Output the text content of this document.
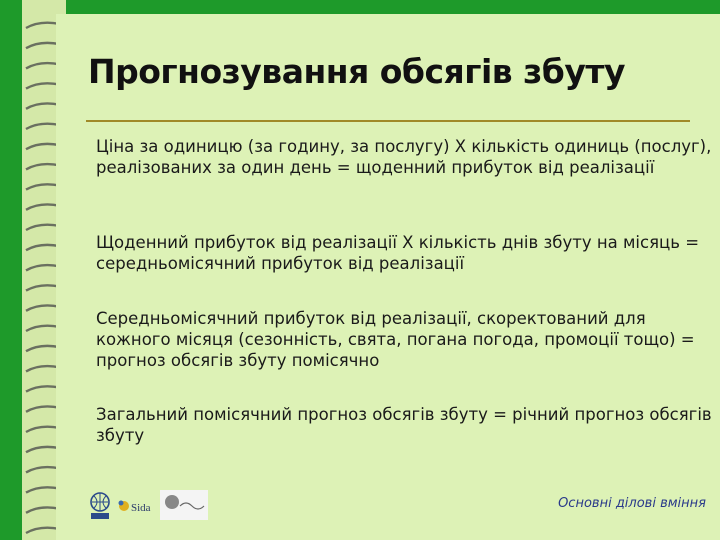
Прогнозування обсягів збуту

Ціна за одиницю (за годину, за послугу) Х кількість одиниць (послуг), реалізованих за один день = щоденний прибуток від реалізації

Щоденний прибуток від реалізації Х кількість днів збуту на місяць = середньомісячний прибуток від реалізації

Середньомісячний прибуток від реалізації, скоректований для кожного місяця (сезонність, свята, погана погода, промоції тощо) = прогноз обсягів збуту помісячно

Загальний помісячний прогноз обсягів збуту = річний прогноз обсягів збуту

Sida	Основні ділові вміння
